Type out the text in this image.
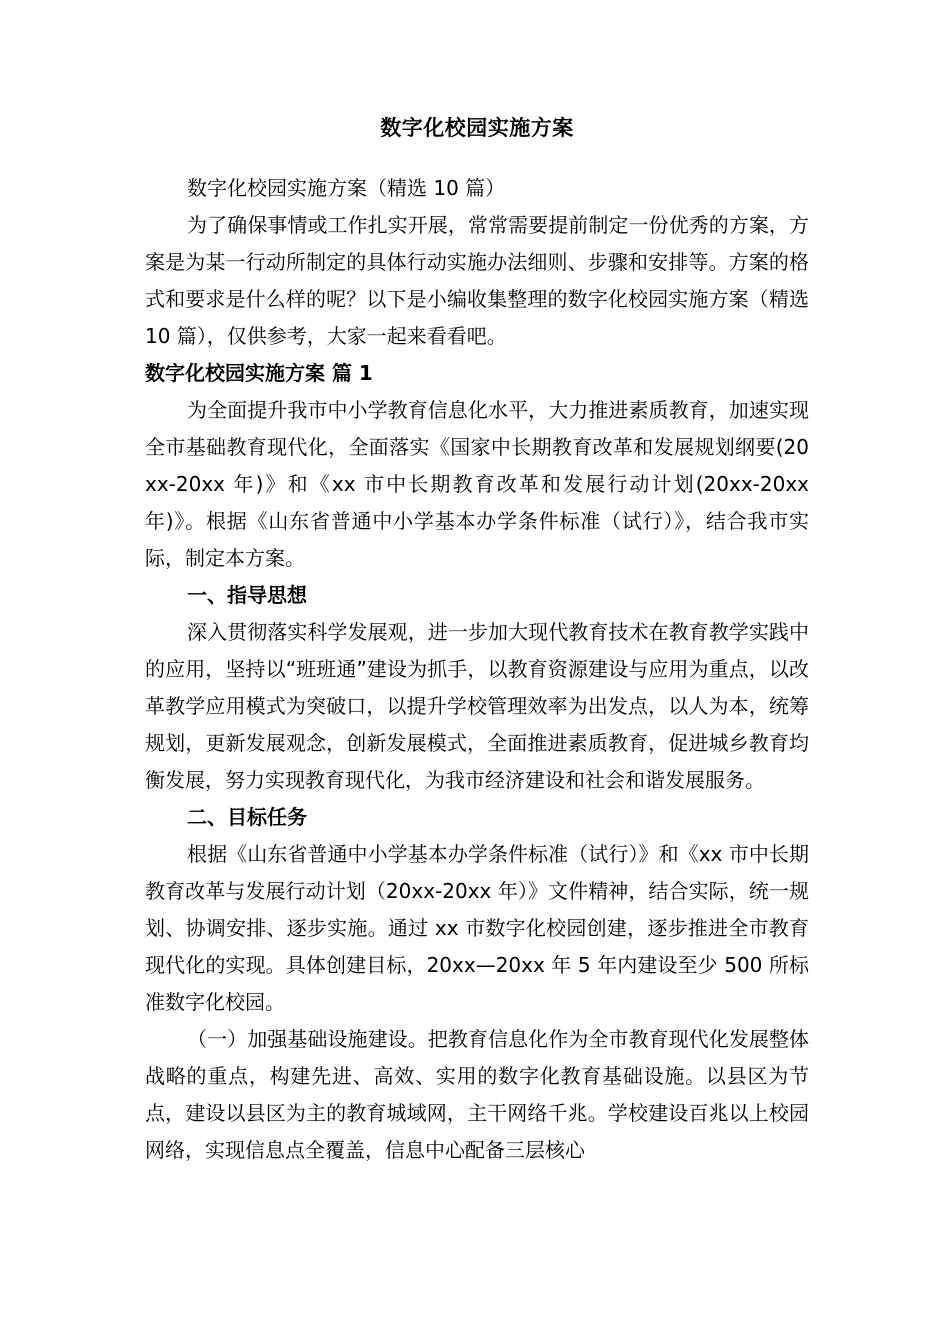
数字化校园实施方案

数字化校园实施方案（精选 10 篇）

为了确保事情或工作扎实开展，常常需要提前制定一份优秀的方案，方案是为某一行动所制定的具体行动实施办法细则、步骤和安排等。方案的格式和要求是什么样的呢？以下是小编收集整理的数字化校园实施方案（精选 10 篇），仅供参考，大家一起来看看吧。

数字化校园实施方案 篇 1

为全面提升我市中小学教育信息化水平，大力推进素质教育，加速实现全市基础教育现代化，全面落实《国家中长期教育改革和发展规划纲要(20xx-20xx 年)》和《xx 市中长期教育改革和发展行动计划(20xx-20xx 年)》。根据《山东省普通中小学基本办学条件标准（试行）》，结合我市实际，制定本方案。

一、指导思想

深入贯彻落实科学发展观，进一步加大现代教育技术在教育教学实践中的应用，坚持以“班班通”建设为抓手，以教育资源建设与应用为重点，以改革教学应用模式为突破口，以提升学校管理效率为出发点，以人为本，统筹规划，更新发展观念，创新发展模式，全面推进素质教育，促进城乡教育均衡发展，努力实现教育现代化，为我市经济建设和社会和谐发展服务。

二、目标任务

根据《山东省普通中小学基本办学条件标准（试行）》和《xx 市中长期教育改革与发展行动计划（20xx-20xx 年）》文件精神，结合实际，统一规划、协调安排、逐步实施。通过 xx 市数字化校园创建，逐步推进全市教育现代化的实现。具体创建目标，20xx—20xx 年 5 年内建设至少 500 所标准数字化校园。

（一）加强基础设施建设。把教育信息化作为全市教育现代化发展整体战略的重点，构建先进、高效、实用的数字化教育基础设施。以县区为节点，建设以县区为主的教育城域网，主干网络千兆。学校建设百兆以上校园网络，实现信息点全覆盖，信息中心配备三层核心
